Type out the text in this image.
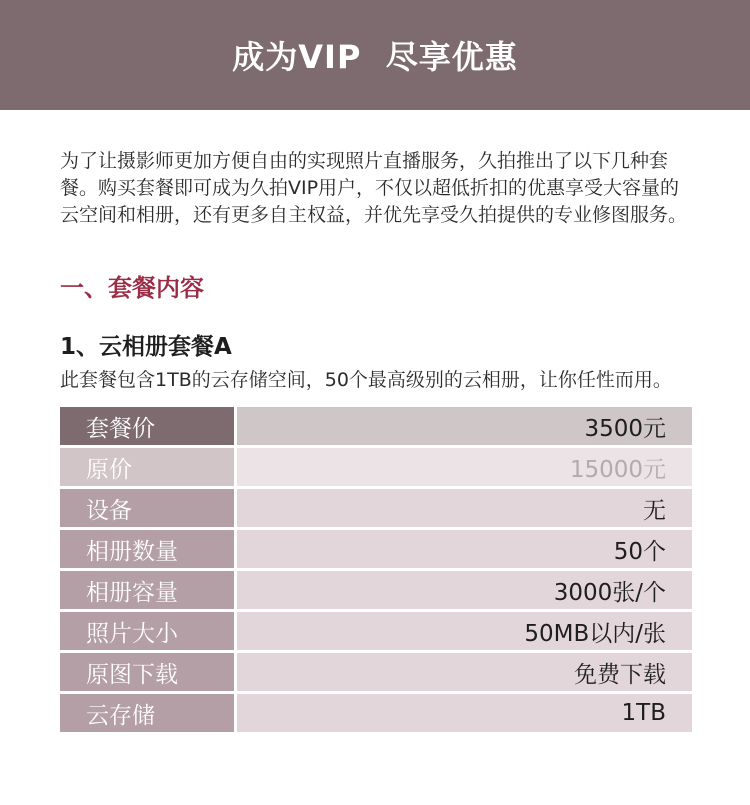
成为VIP  尽享优惠

为了让摄影师更加方便自由的实现照片直播服务，久拍推出了以下几种套餐。购买套餐即可成为久拍VIP用户，不仅以超低折扣的优惠享受大容量的云空间和相册，还有更多自主权益，并优先享受久拍提供的专业修图服务。

一、套餐内容
1、云相册套餐A

此套餐包含1TB的云存储空间，50个最高级别的云相册，让你任性而用。

套餐价	3500元
原价	15000元
设备	无
相册数量	50个
相册容量	3000张/个
照片大小	50MB以内/张
原图下载	免费下载
云存储	1TB
